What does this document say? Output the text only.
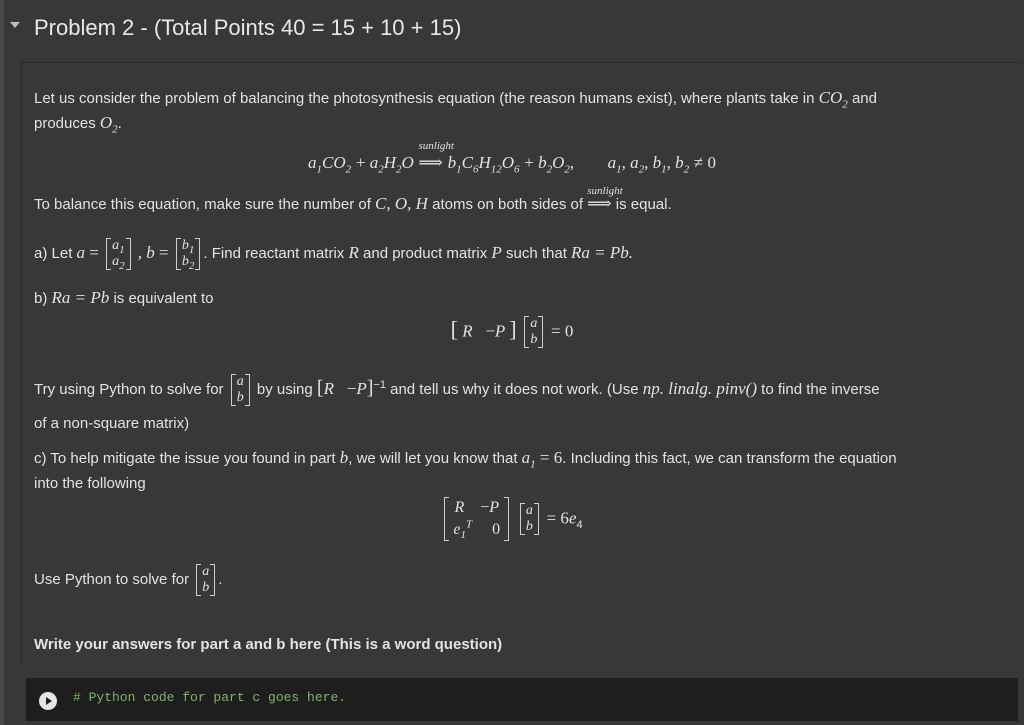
Problem 2 - (Total Points 40 = 15 + 10 + 15)
Let us consider the problem of balancing the photosynthesis equation (the reason humans exist), where plants take in $CO_2$ and
produces $O_2$.
$a_1CO_2 + a_2H_2O$
sunlight
⟹ $b_1C_6H_{12}O_6 + b_2O_2$, $a_1$, $a_2$, $b_1$, $b_2 \ne 0$
To balance this equation, make sure the number of C, O, H atoms on both sides of
sunlight
⟹ is equal.
a) Let $a = a_1$
$a_2$ , $b = b_1$
$b_2$. Find reactant matrix R and product matrix P such that Ra = Pb.
b) Ra = Pb is equivalent to
[ R   −P ] a
b = 0
Try using Python to solve for a
b by using $[R -P]^{-1}$ and tell us why it does not work. (Use np. linalg. pinv() to find the inverse
of a non-square matrix)
c) To help mitigate the issue you found in part b, we will let you know that $a_1 = 6$. Including this fact, we can transform the equation
into the following
R    −P
$e_1^T$ 0 a
$b = 6e_4$
Use Python to solve for a
b .
Write your answers for part a and b here (This is a word question)
# Python code for part c goes here.
